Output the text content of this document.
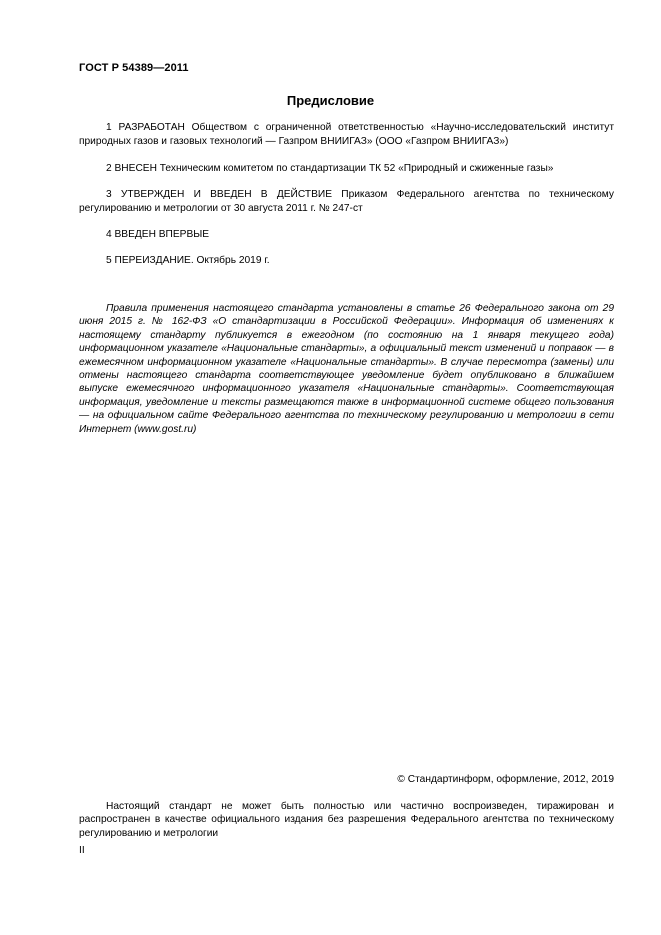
ГОСТ Р 54389—2011
Предисловие

1 РАЗРАБОТАН Обществом с ограниченной ответственностью «Научно-исследовательский институт природных газов и газовых технологий — Газпром ВНИИГАЗ» (ООО «Газпром ВНИИГАЗ»)

2 ВНЕСЕН Техническим комитетом по стандартизации ТК 52 «Природный и сжиженные газы»

3 УТВЕРЖДЕН И ВВЕДЕН В ДЕЙСТВИЕ Приказом Федерального агентства по техническому регулированию и метрологии от 30 августа 2011 г. № 247-ст

4 ВВЕДЕН ВПЕРВЫЕ

5 ПЕРЕИЗДАНИЕ. Октябрь 2019 г.

Правила применения настоящего стандарта установлены в статье 26 Федерального закона от 29 июня 2015 г. № 162-ФЗ «О стандартизации в Российской Федерации». Информация об изменениях к настоящему стандарту публикуется в ежегодном (по состоянию на 1 января текущего года) информационном указателе «Национальные стандарты», а официальный текст изменений и поправок — в ежемесячном информационном указателе «Национальные стандарты». В случае пересмотра (замены) или отмены настоящего стандарта соответствующее уведомление будет опубликовано в ближайшем выпуске ежемесячного информационного указателя «Национальные стандарты». Соответствующая информация, уведомление и тексты размещаются также в информационной системе общего пользования — на официальном сайте Федерального агентства по техническому регулированию и метрологии в сети Интернет (www.gost.ru)

© Стандартинформ, оформление, 2012, 2019

Настоящий стандарт не может быть полностью или частично воспроизведен, тиражирован и распространен в качестве официального издания без разрешения Федерального агентства по техническому регулированию и метрологии

II
